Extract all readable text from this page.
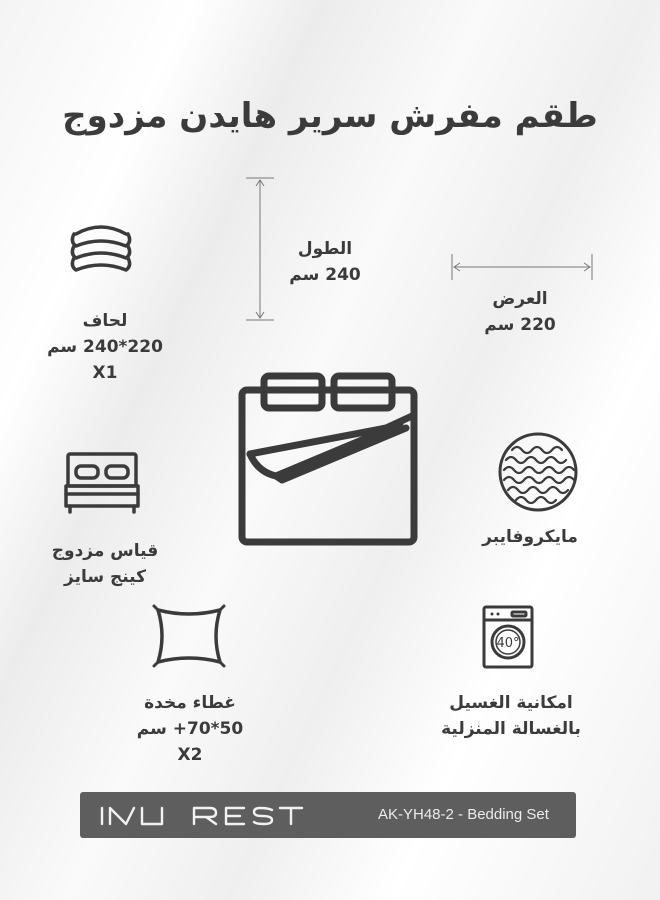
طقم مفرش سرير هايدن مزدوج
الطول
240 سم
العرض
220 سم
لحاف
220*240 سم
X1
قياس مزدوج
كينج سايز
مايكروفايبر
غطاء مخدة
50*70+ سم
X2
40°
امكانية الغسيل
بالغسالة المنزلية
AK-YH48-2 - Bedding Set
